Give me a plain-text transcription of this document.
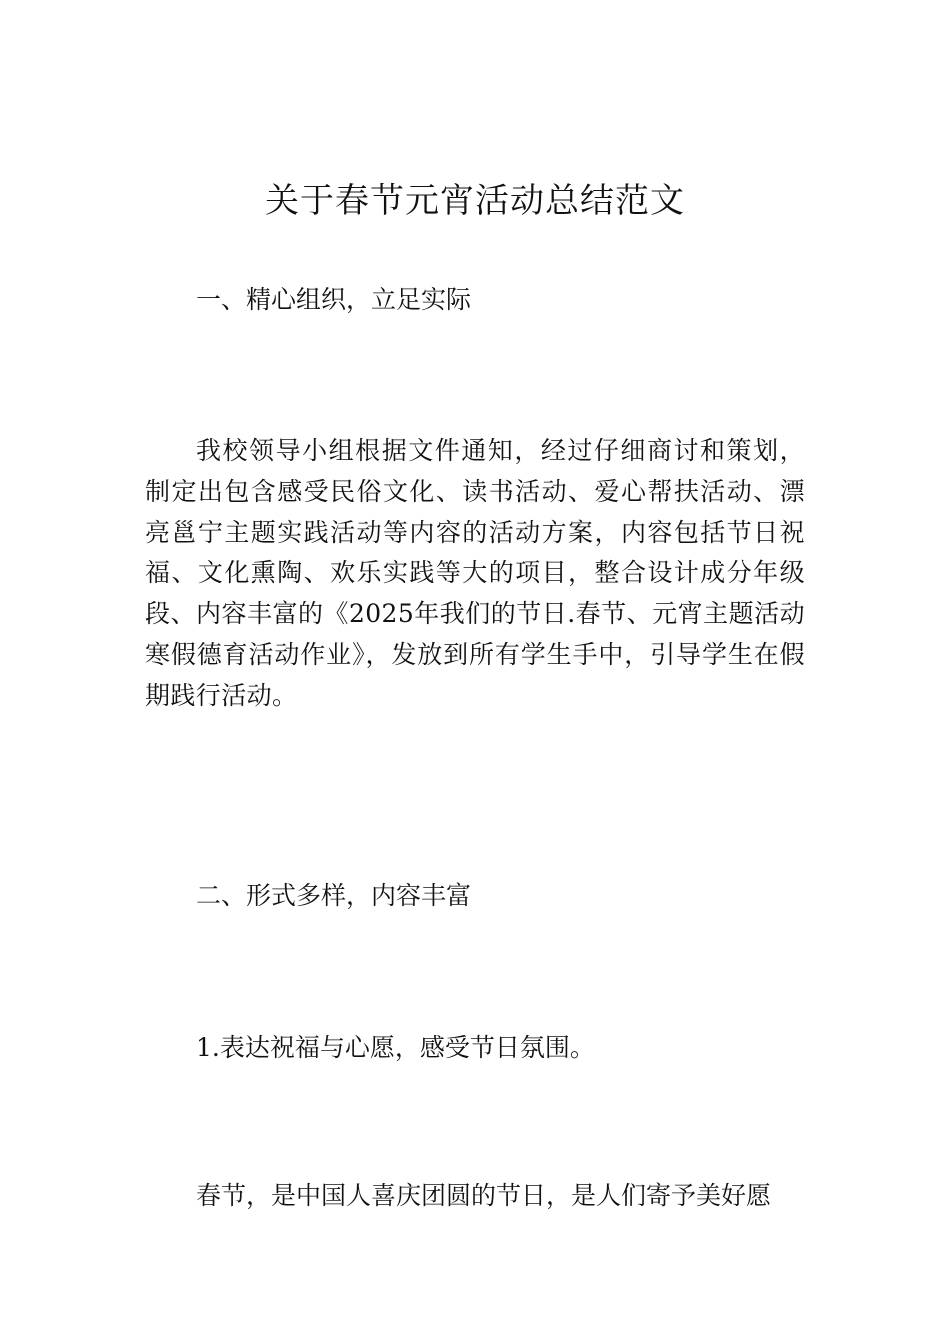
关于春节元宵活动总结范文

一、精心组织，立足实际

我校领导小组根据文件通知，经过仔细商讨和策划，制定出包含感受民俗文化、读书活动、爱心帮扶活动、漂亮邕宁主题实践活动等内容的活动方案，内容包括节日祝福、文化熏陶、欢乐实践等大的项目，整合设计成分年级段、内容丰富的《2025年我们的节日.春节、元宵主题活动寒假德育活动作业》，发放到所有学生手中，引导学生在假期践行活动。

二、形式多样，内容丰富

1.表达祝福与心愿，感受节日氛围。

春节，是中国人喜庆团圆的节日，是人们寄予美好愿
